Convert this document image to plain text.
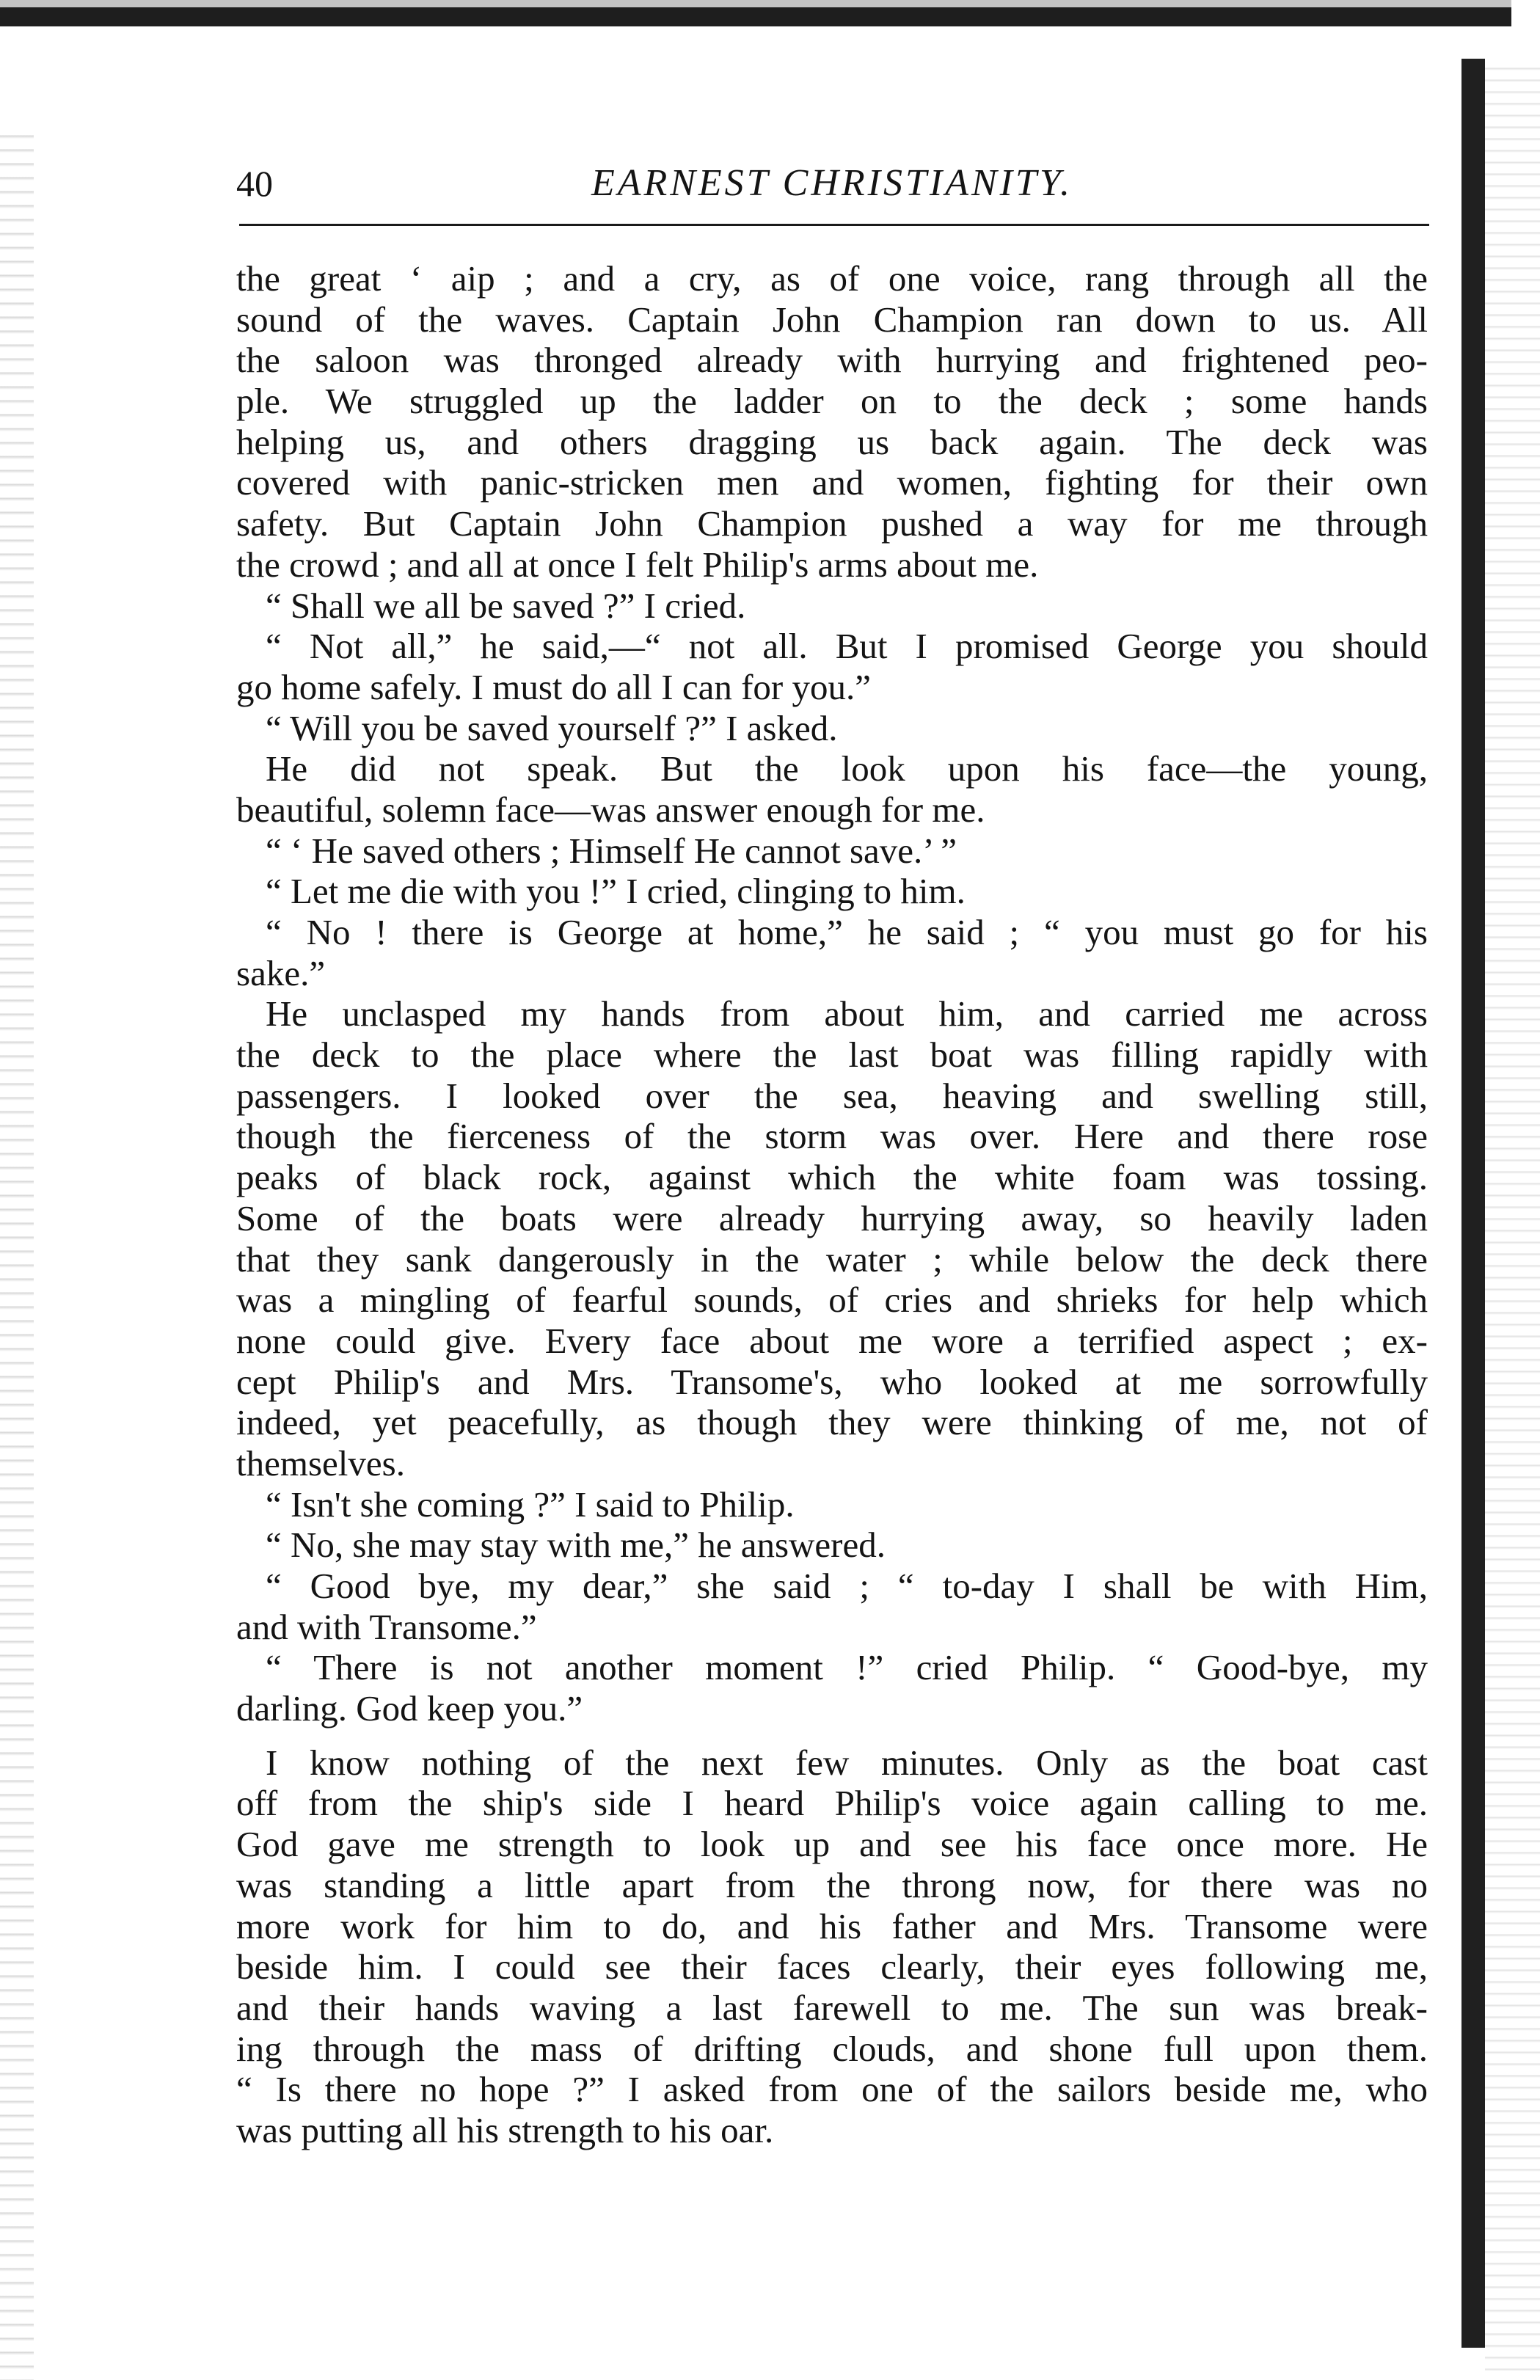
40	EARNEST CHRISTIANITY.
the great ‘ aip ; and a cry, as of one voice, rang through all the
sound of the waves. Captain John Champion ran down to us. All
the saloon was thronged already with hurrying and frightened peo-
ple. We struggled up the ladder on to the deck ; some hands
helping us, and others dragging us back again. The deck was
covered with panic-stricken men and women, fighting for their own
safety. But Captain John Champion pushed a way for me through
the crowd ; and all at once I felt Philip's arms about me.
“ Shall we all be saved ?” I cried.
“ Not all,” he said,—“ not all. But I promised George you should
go home safely. I must do all I can for you.”
“ Will you be saved yourself ?” I asked.
He did not speak. But the look upon his face—the young,
beautiful, solemn face—was answer enough for me.
“ ‘ He saved others ; Himself He cannot save.’ ”
“ Let me die with you !” I cried, clinging to him.
“ No ! there is George at home,” he said ; “ you must go for his
sake.”
He unclasped my hands from about him, and carried me across
the deck to the place where the last boat was filling rapidly with
passengers. I looked over the sea, heaving and swelling still,
though the fierceness of the storm was over. Here and there rose
peaks of black rock, against which the white foam was tossing.
Some of the boats were already hurrying away, so heavily laden
that they sank dangerously in the water ; while below the deck there
was a mingling of fearful sounds, of cries and shrieks for help which
none could give. Every face about me wore a terrified aspect ; ex-
cept Philip's and Mrs. Transome's, who looked at me sorrowfully
indeed, yet peacefully, as though they were thinking of me, not of
themselves.
“ Isn't she coming ?” I said to Philip.
“ No, she may stay with me,” he answered.
“ Good bye, my dear,” she said ; “ to-day I shall be with Him,
and with Transome.”
“ There is not another moment !” cried Philip. “ Good-bye, my
darling. God keep you.”
I know nothing of the next few minutes. Only as the boat cast
off from the ship's side I heard Philip's voice again calling to me.
God gave me strength to look up and see his face once more. He
was standing a little apart from the throng now, for there was no
more work for him to do, and his father and Mrs. Transome were
beside him. I could see their faces clearly, their eyes following me,
and their hands waving a last farewell to me. The sun was break-
ing through the mass of drifting clouds, and shone full upon them.
“ Is there no hope ?” I asked from one of the sailors beside me, who
was putting all his strength to his oar.
